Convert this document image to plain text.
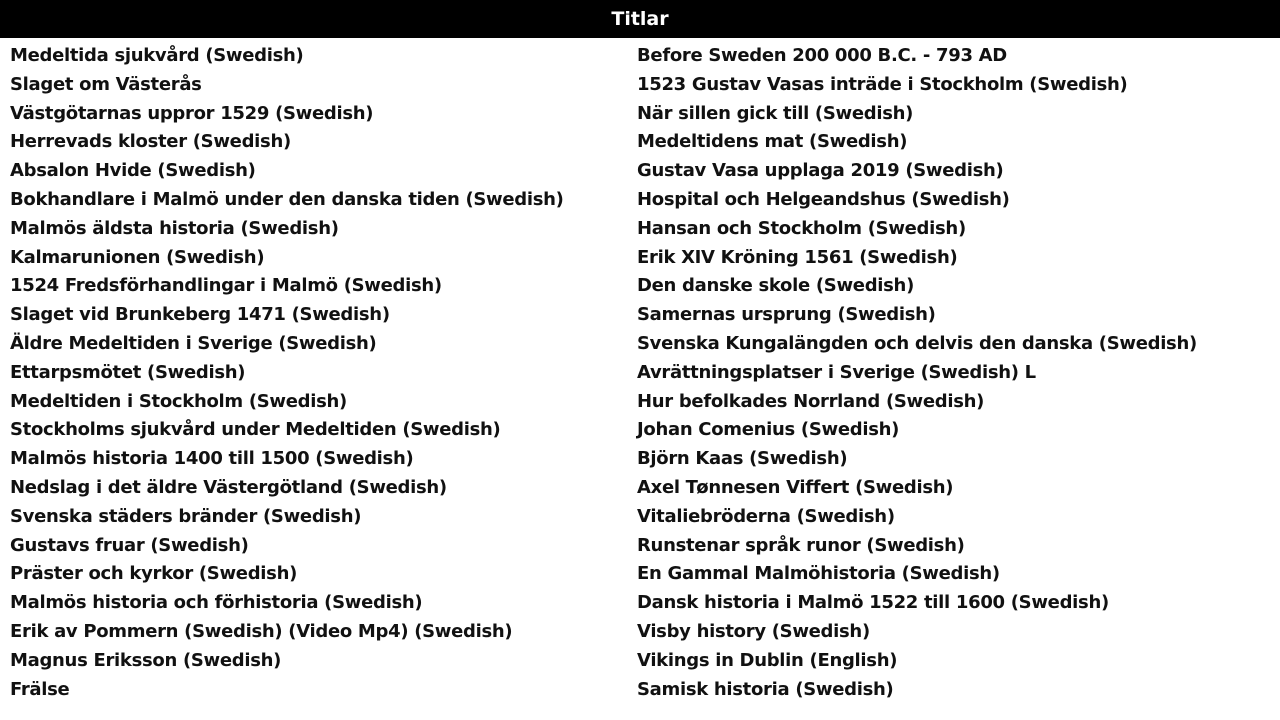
Titlar
Medeltida sjukvård (Swedish)
Slaget om Västerås
Västgötarnas uppror 1529 (Swedish)
Herrevads kloster (Swedish)
Absalon Hvide (Swedish)
Bokhandlare i Malmö under den danska tiden (Swedish)
Malmös äldsta historia (Swedish)
Kalmarunionen (Swedish)
1524 Fredsförhandlingar i Malmö (Swedish)
Slaget vid Brunkeberg 1471 (Swedish)
Äldre Medeltiden i Sverige (Swedish)
Ettarpsmötet (Swedish)
Medeltiden i Stockholm (Swedish)
Stockholms sjukvård under Medeltiden (Swedish)
Malmös historia 1400 till 1500 (Swedish)
Nedslag i det äldre Västergötland (Swedish)
Svenska städers bränder (Swedish)
Gustavs fruar (Swedish)
Präster och kyrkor (Swedish)
Malmös historia och förhistoria (Swedish)
Erik av Pommern (Swedish) (Video Mp4) (Swedish)
Magnus Eriksson (Swedish)
Frälse
Before Sweden 200 000 B.C. - 793 AD
1523 Gustav Vasas inträde i Stockholm (Swedish)
När sillen gick till (Swedish)
Medeltidens mat (Swedish)
Gustav Vasa upplaga 2019 (Swedish)
Hospital och Helgeandshus (Swedish)
Hansan och Stockholm (Swedish)
Erik XIV Kröning 1561 (Swedish)
Den danske skole (Swedish)
Samernas ursprung (Swedish)
Svenska Kungalängden och delvis den danska (Swedish)
Avrättningsplatser i Sverige (Swedish) L
Hur befolkades Norrland (Swedish)
Johan Comenius (Swedish)
Björn Kaas (Swedish)
Axel Tønnesen Viffert (Swedish)
Vitaliebröderna (Swedish)
Runstenar språk runor (Swedish)
En Gammal Malmöhistoria (Swedish)
Dansk historia i Malmö 1522 till 1600 (Swedish)
Visby history (Swedish)
Vikings in Dublin (English)
Samisk historia (Swedish)
